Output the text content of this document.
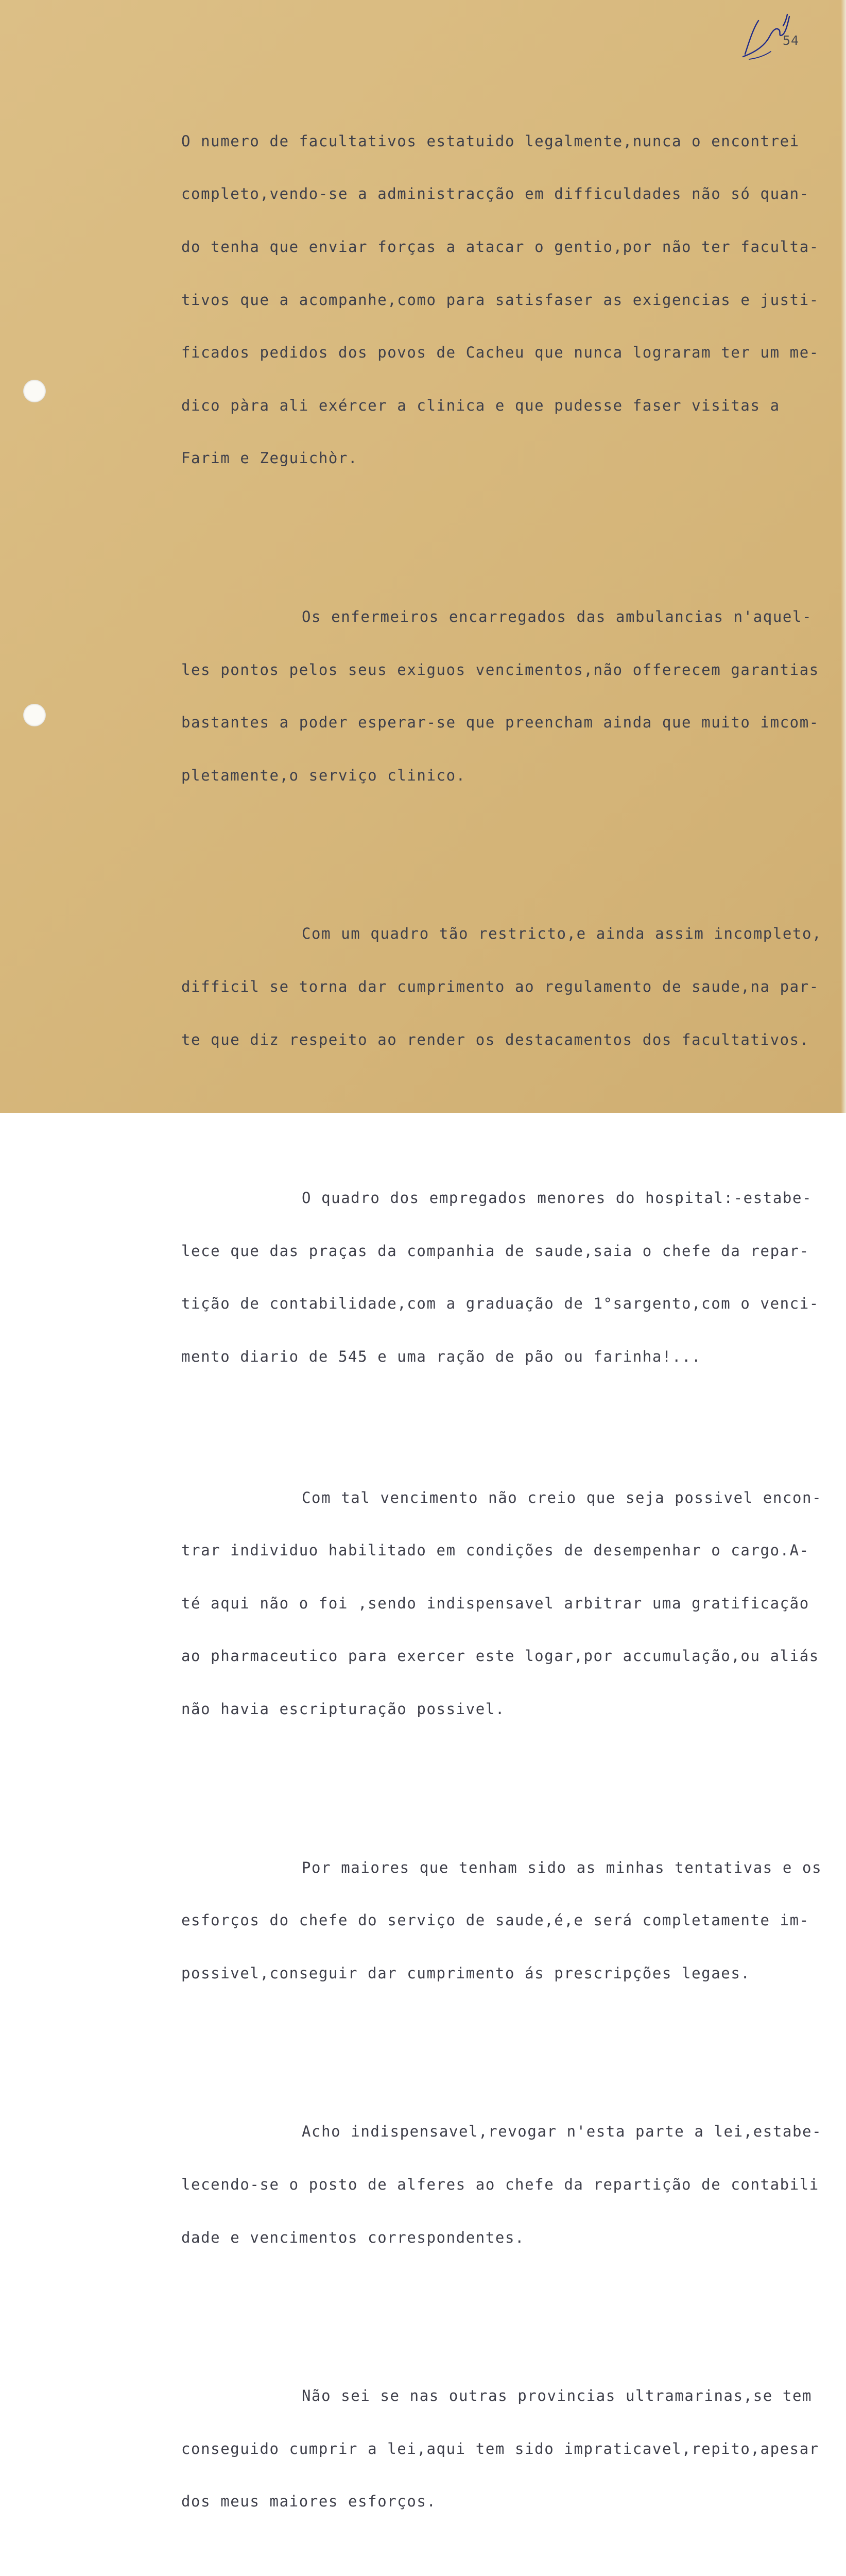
54

O numero de facultativos estatuido legalmente,nunca o encontrei

completo,vendo-se a administracção em difficuldades não só quan-

do tenha que enviar forças a atacar o gentio,por não ter faculta-

tivos que a acompanhe,como para satisfaser as exigencias e justi-

ficados pedidos dos povos de Cacheu que nunca lograram ter um me-

dico pàra ali exércer a clinica e que pudesse faser visitas a

Farim e Zeguichòr.

Os enfermeiros encarregados das ambulancias n'aquel-

les pontos pelos seus exiguos vencimentos,não offerecem garantias

bastantes a poder esperar-se que preencham ainda que muito imcom-

pletamente,o serviço clinico.

Com um quadro tão restricto,e ainda assim incompleto,

difficil se torna dar cumprimento ao regulamento de saude,na par-

te que diz respeito ao render os destacamentos dos facultativos.

O quadro dos empregados menores do hospital:-estabe-

lece que das praças da companhia de saude,saia o chefe da repar-

tição de contabilidade,com a graduação de 1°sargento,com o venci-

mento diario de 545 e uma ração de pão ou farinha!...

Com tal vencimento não creio que seja possivel encon-

trar individuo habilitado em condições de desempenhar o cargo.A-

té aqui não o foi ,sendo indispensavel arbitrar uma gratificação

ao pharmaceutico para exercer este logar,por accumulação,ou aliás

não havia escripturação possivel.

Por maiores que tenham sido as minhas tentativas e os

esforços do chefe do serviço de saude,é,e será completamente im-

possivel,conseguir dar cumprimento ás prescripções legaes.

Acho indispensavel,revogar n'esta parte a lei,estabe-

lecendo-se o posto de alferes ao chefe da repartição de contabili

dade e vencimentos correspondentes.

Não sei se nas outras provincias ultramarinas,se tem

conseguido cumprir a lei,aqui tem sido impraticavel,repito,apesar

dos meus maiores esforços.
